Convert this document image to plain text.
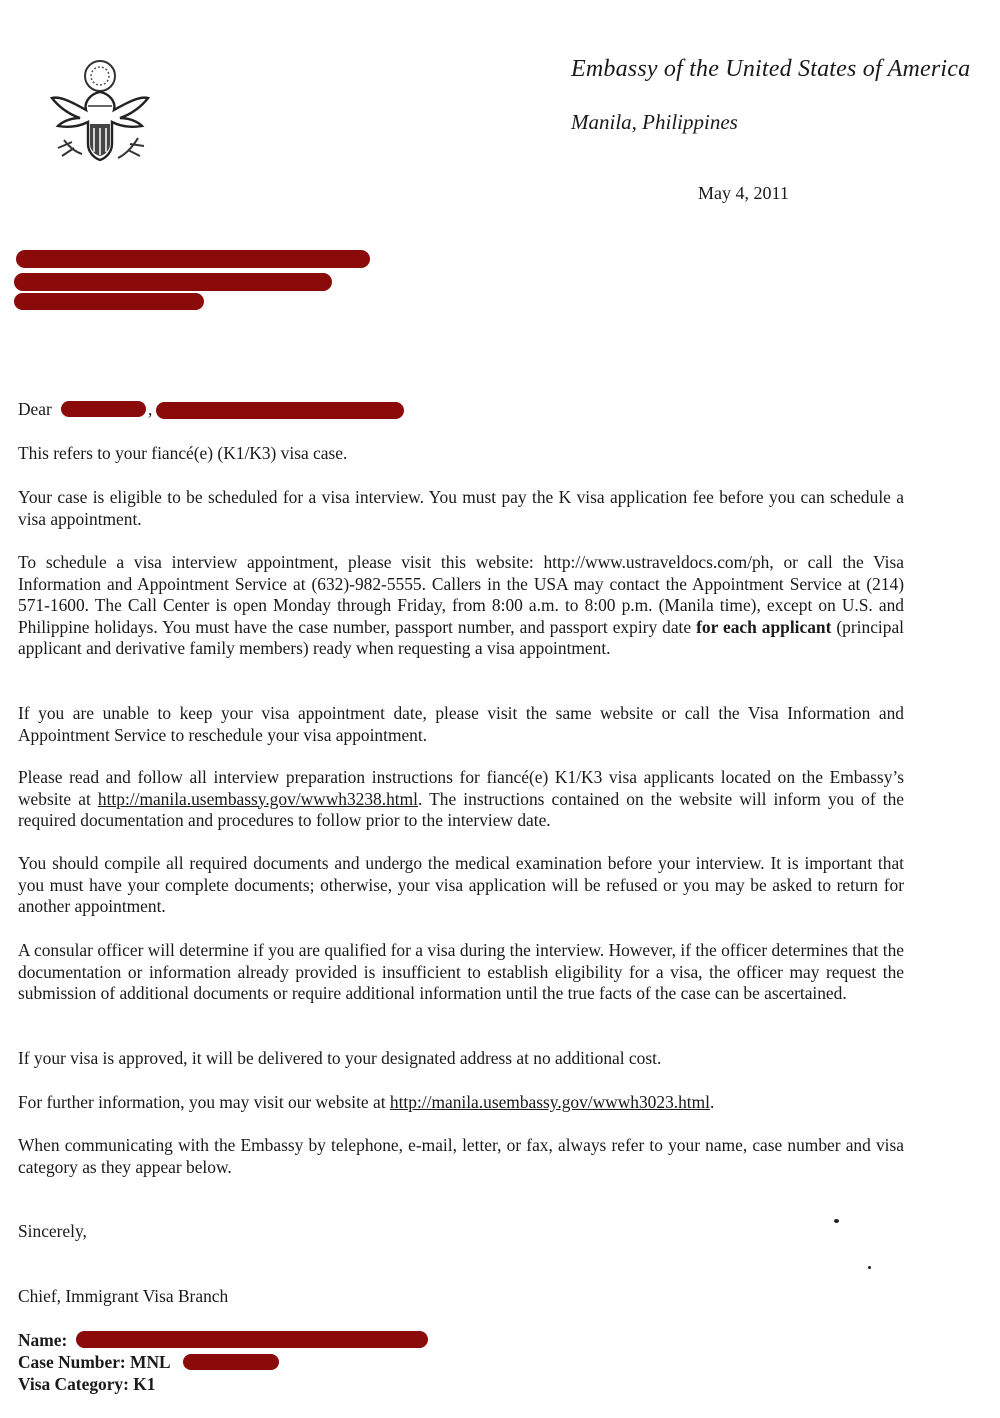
Embassy of the United States of America
Manila, Philippines
May 4, 2011
Dear	,
This refers to your fiancé(e) (K1/K3) visa case.
Your case is eligible to be scheduled for a visa interview. You must pay the K visa application fee before you can schedule a visa appointment.
To schedule a visa interview appointment, please visit this website: http://www.ustraveldocs.com/ph, or call the Visa Information and Appointment Service at (632)-982-5555. Callers in the USA may contact the Appointment Service at (214) 571-1600. The Call Center is open Monday through Friday, from 8:00 a.m. to 8:00 p.m. (Manila time), except on U.S. and Philippine holidays. You must have the case number, passport number, and passport expiry date for each applicant (principal applicant and derivative family members) ready when requesting a visa appointment.
If you are unable to keep your visa appointment date, please visit the same website or call the Visa Information and Appointment Service to reschedule your visa appointment.
Please read and follow all interview preparation instructions for fiancé(e) K1/K3 visa applicants located on the Embassy’s website at http://manila.usembassy.gov/wwwh3238.html. The instructions contained on the website will inform you of the required documentation and procedures to follow prior to the interview date.
You should compile all required documents and undergo the medical examination before your interview. It is important that you must have your complete documents; otherwise, your visa application will be refused or you may be asked to return for another appointment.
A consular officer will determine if you are qualified for a visa during the interview. However, if the officer determines that the documentation or information already provided is insufficient to establish eligibility for a visa, the officer may request the submission of additional documents or require additional information until the true facts of the case can be ascertained.
If your visa is approved, it will be delivered to your designated address at no additional cost.
For further information, you may visit our website at http://manila.usembassy.gov/wwwh3023.html.
When communicating with the Embassy by telephone, e-mail, letter, or fax, always refer to your name, case number and visa category as they appear below.
Sincerely,
Chief, Immigrant Visa Branch
Name:
Case Number: MNL
Visa Category: K1
